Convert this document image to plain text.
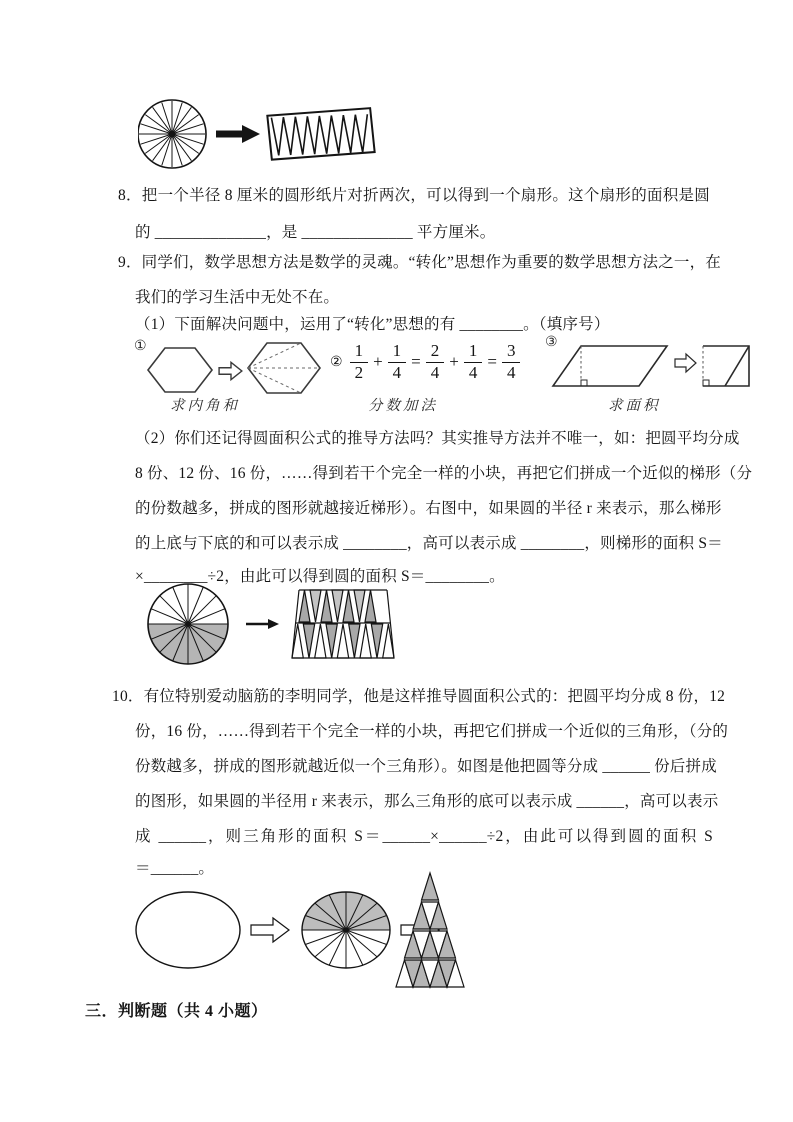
8．把一个半径 8 厘米的圆形纸片对折两次，可以得到一个扇形。这个扇形的面积是圆
的 ______________，是 ______________ 平方厘米。
9．同学们，数学思想方法是数学的灵魂。“转化”思想作为重要的数学思想方法之一，在
我们的学习生活中无处不在。
（1）下面解决问题中，运用了“转化”思想的有 ________。（填序号）
①
求内角和
② $\frac{1}{2} + \frac{1}{4} = \frac{2}{4} + \frac{1}{4} = \frac{3}{4}$
分数加法
③
求面积
（2）你们还记得圆面积公式的推导方法吗？其实推导方法并不唯一，如：把圆平均分成
8 份、12 份、16 份，……得到若干个完全一样的小块，再把它们拼成一个近似的梯形（分
的份数越多，拼成的图形就越接近梯形）。右图中，如果圆的半径 r 来表示，那么梯形
的上底与下底的和可以表示成 ________，高可以表示成 ________，则梯形的面积 S＝
×________÷2，由此可以得到圆的面积 S＝________。
10．有位特别爱动脑筋的李明同学，他是这样推导圆面积公式的：把圆平均分成 8 份，12
份，16 份，……得到若干个完全一样的小块，再把它们拼成一个近似的三角形，（分的
份数越多，拼成的图形就越近似一个三角形）。如图是他把圆等分成 ______ 份后拼成
的图形，如果圆的半径用 r 来表示，那么三角形的底可以表示成 ______，高可以表示
成 ______，则三角形的面积 S＝______×______÷2，由此可以得到圆的面积 S
＝______。
三．判断题（共 4 小题）
